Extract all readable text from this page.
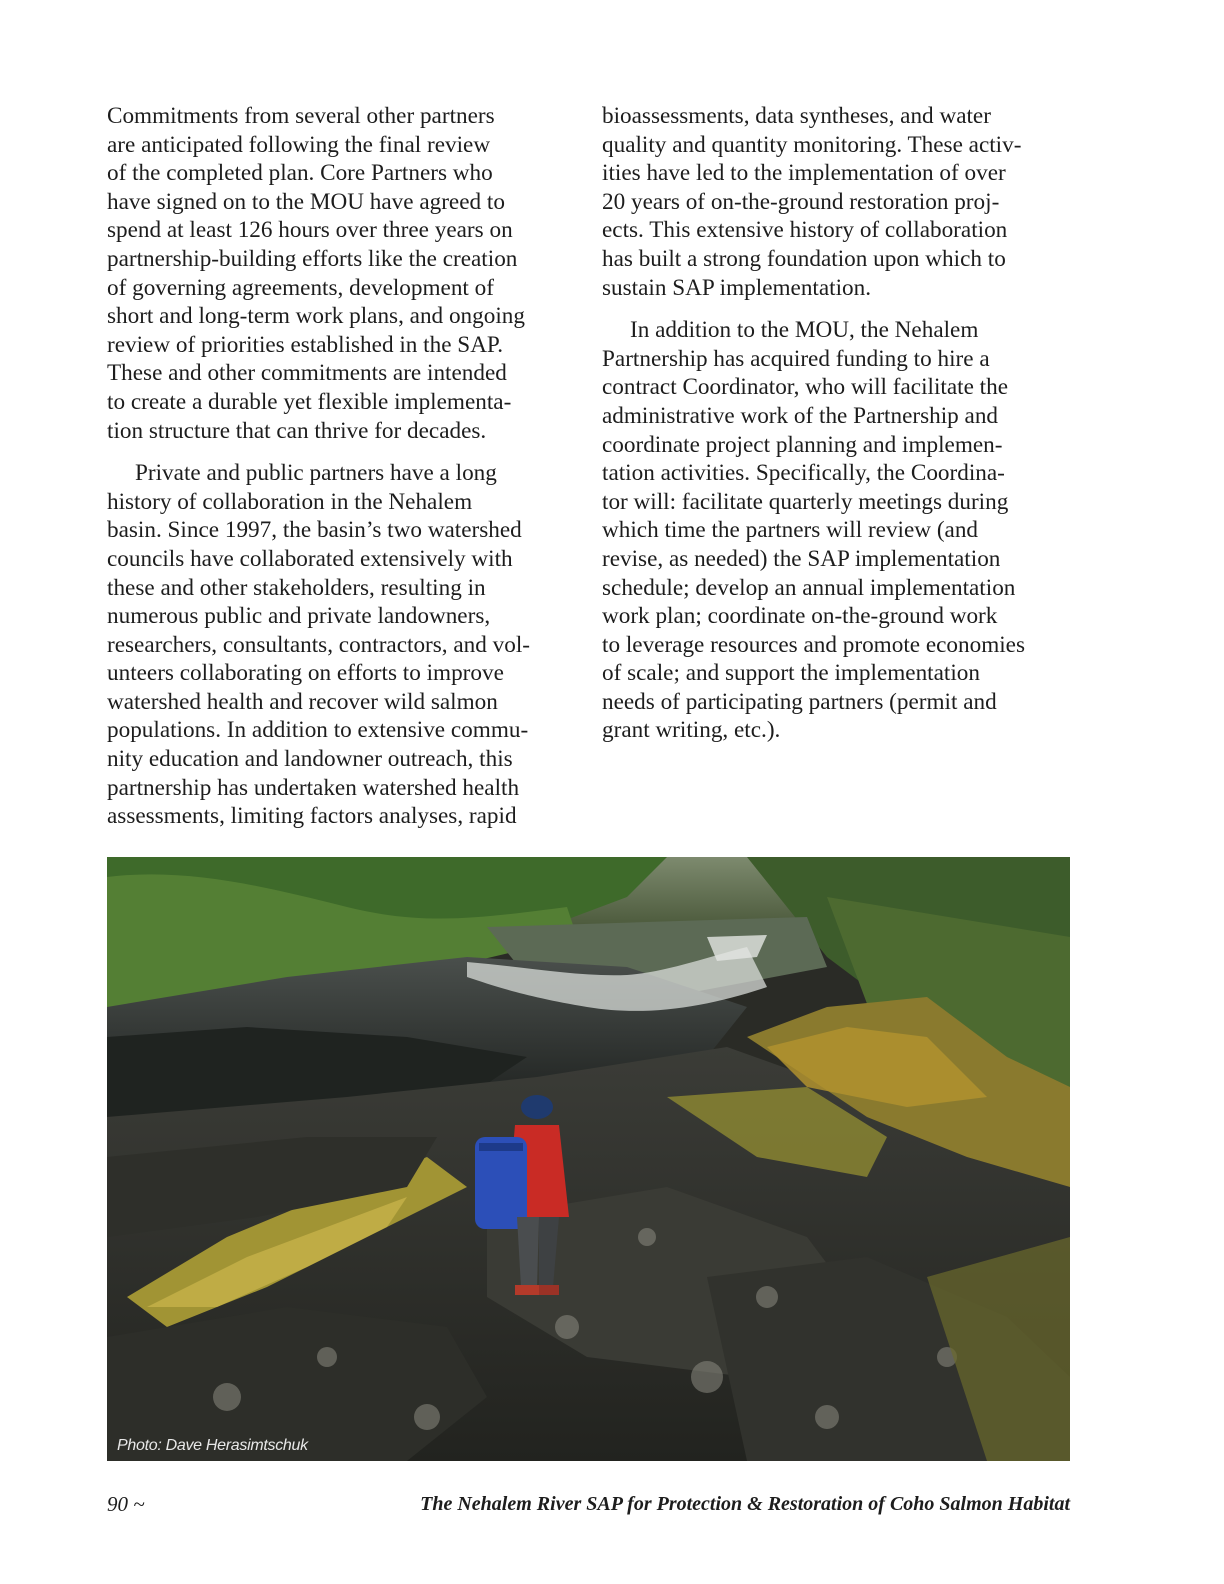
Commitments from several other partners
are anticipated following the final review
of the completed plan. Core Partners who
have signed on to the MOU have agreed to
spend at least 126 hours over three years on
partnership-building efforts like the creation
of governing agreements, development of
short and long-term work plans, and ongoing
review of priorities established in the SAP.
These and other commitments are intended
to create a durable yet flexible implementa-
tion structure that can thrive for decades.

Private and public partners have a long
history of collaboration in the Nehalem
basin. Since 1997, the basin’s two watershed
councils have collaborated extensively with
these and other stakeholders, resulting in
numerous public and private landowners,
researchers, consultants, contractors, and vol-
unteers collaborating on efforts to improve
watershed health and recover wild salmon
populations. In addition to extensive commu-
nity education and landowner outreach, this
partnership has undertaken watershed health
assessments, limiting factors analyses, rapid

bioassessments, data syntheses, and water
quality and quantity monitoring. These activ-
ities have led to the implementation of over
20 years of on-the-ground restoration proj-
ects. This extensive history of collaboration
has built a strong foundation upon which to
sustain SAP implementation.

In addition to the MOU, the Nehalem
Partnership has acquired funding to hire a
contract Coordinator, who will facilitate the
administrative work of the Partnership and
coordinate project planning and implemen-
tation activities. Specifically, the Coordina-
tor will: facilitate quarterly meetings during
which time the partners will review (and
revise, as needed) the SAP implementation
schedule; develop an annual implementation
work plan; coordinate on-the-ground work
to leverage resources and promote economies
of scale; and support the implementation
needs of participating partners (permit and
grant writing, etc.).

Photo: Dave Herasimtschuk
90 ~	The Nehalem River SAP for Protection & Restoration of Coho Salmon Habitat
